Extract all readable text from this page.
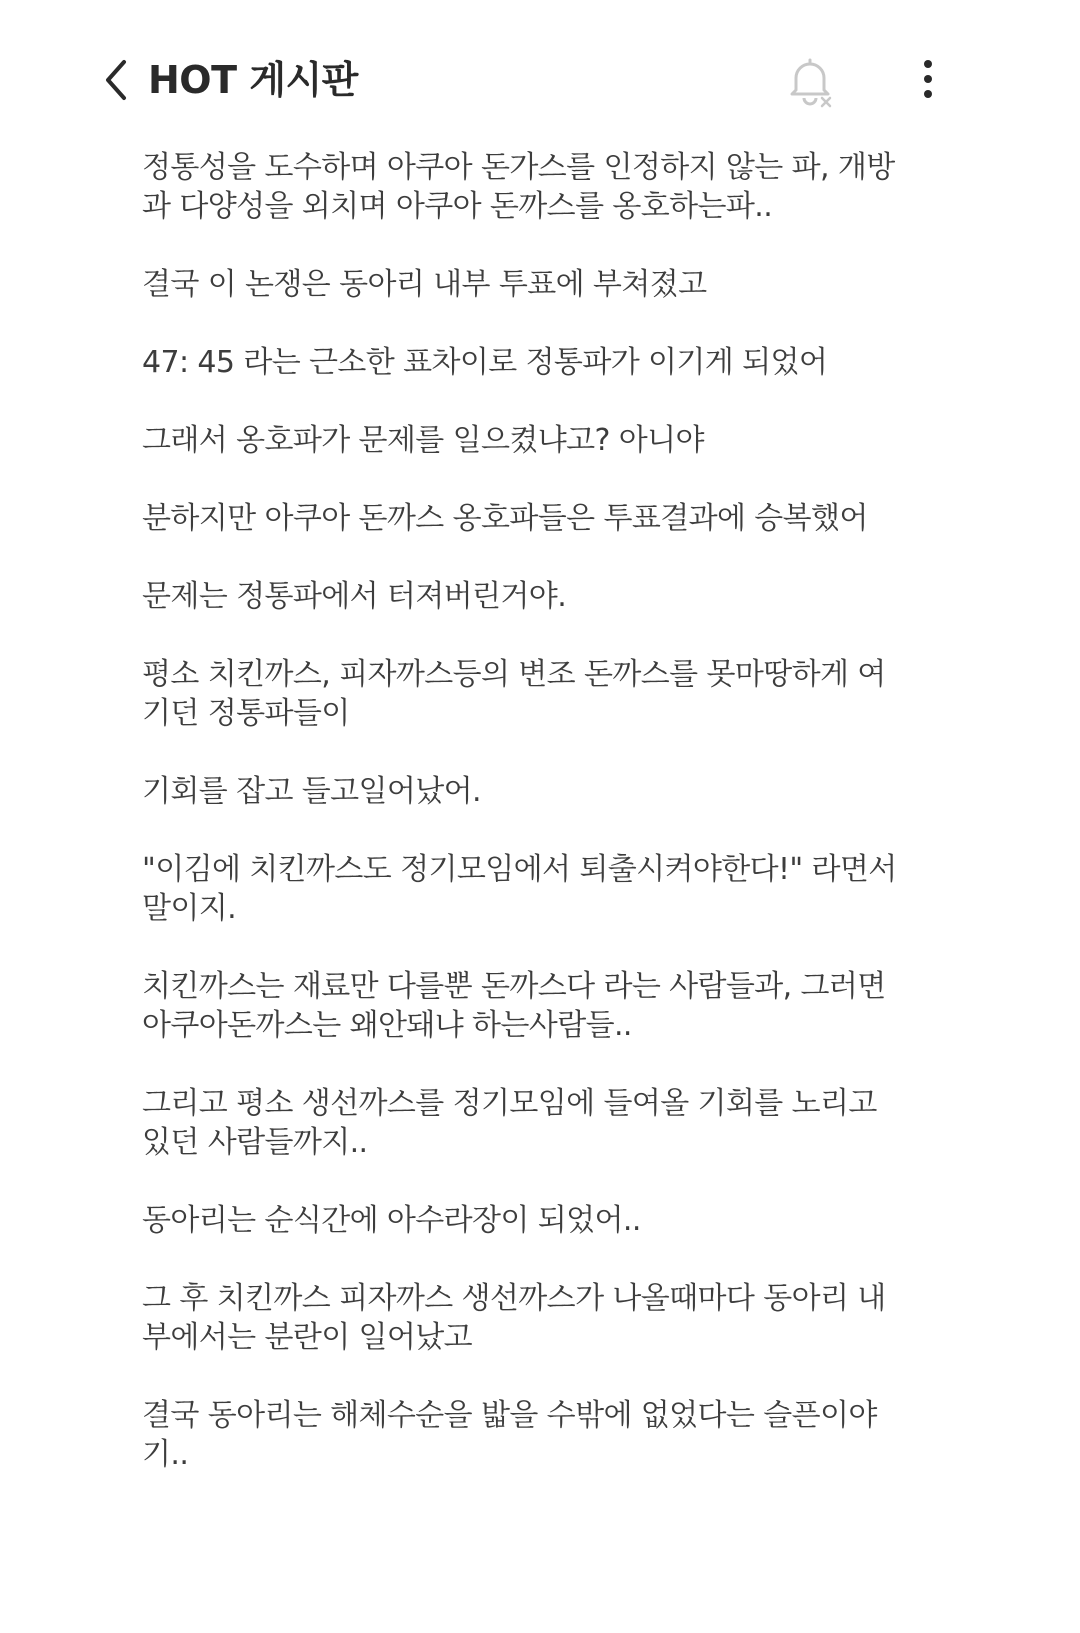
HOT 게시판

정통성을 도수하며 아쿠아 돈가스를 인정하지 않는 파, 개방
과 다양성을 외치며 아쿠아 돈까스를 옹호하는파..

결국 이 논쟁은 동아리 내부 투표에 부쳐졌고

47: 45 라는 근소한 표차이로 정통파가 이기게 되었어

그래서 옹호파가 문제를 일으켰냐고? 아니야

분하지만 아쿠아 돈까스 옹호파들은 투표결과에 승복했어

문제는 정통파에서 터져버린거야.

평소 치킨까스, 피자까스등의 변조 돈까스를 못마땅하게 여
기던 정통파들이

기회를 잡고 들고일어났어.

"이김에 치킨까스도 정기모임에서 퇴출시켜야한다!" 라면서
말이지.

치킨까스는 재료만 다를뿐 돈까스다 라는 사람들과, 그러면
아쿠아돈까스는 왜안돼냐 하는사람들..

그리고 평소 생선까스를 정기모임에 들여올 기회를 노리고
있던 사람들까지..

동아리는 순식간에 아수라장이 되었어..

그 후 치킨까스 피자까스 생선까스가 나올때마다 동아리 내
부에서는 분란이 일어났고

결국 동아리는 해체수순을 밟을 수밖에 없었다는 슬픈이야
기..
